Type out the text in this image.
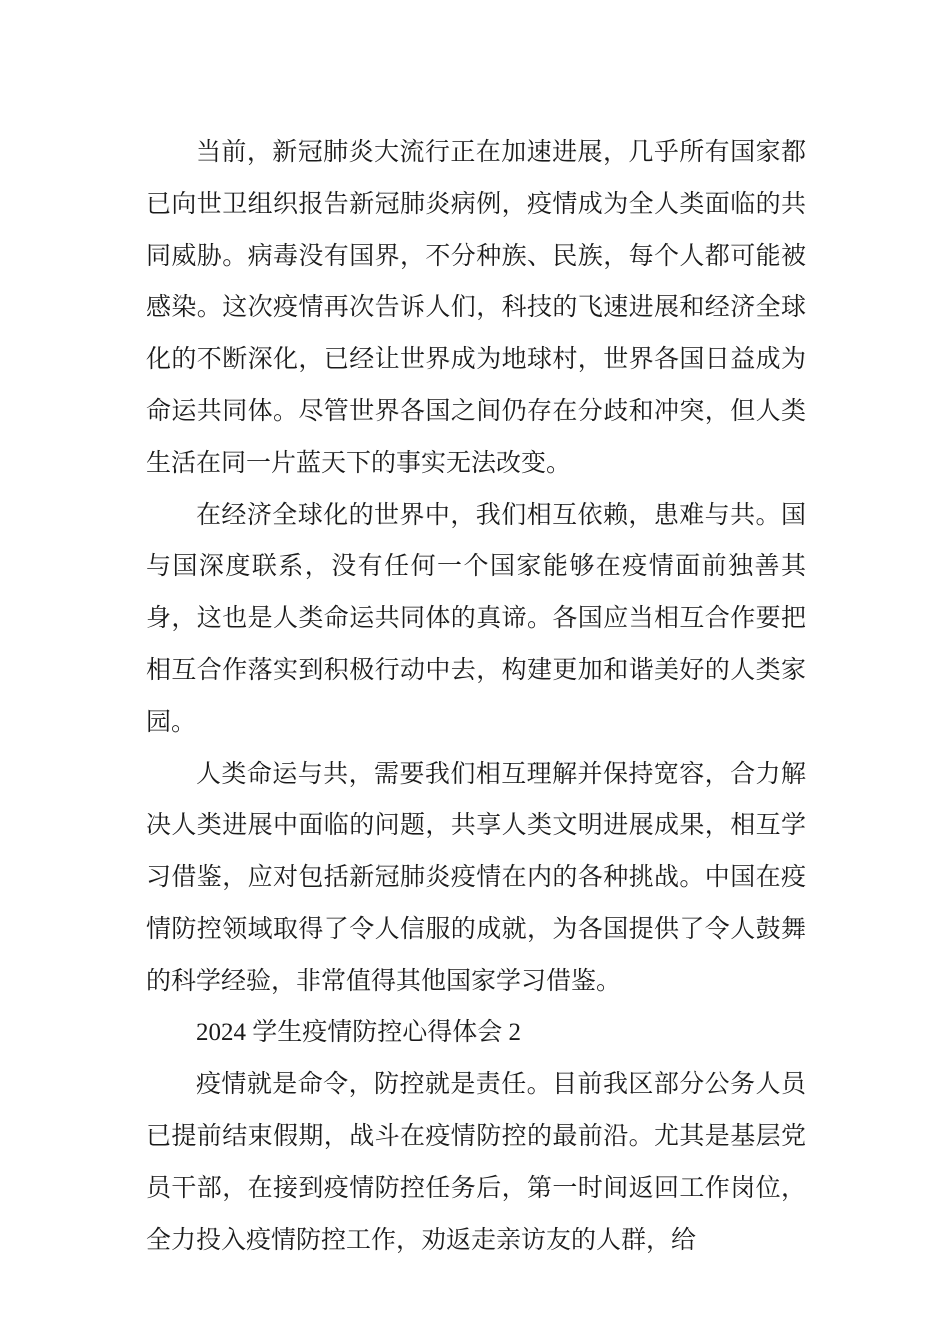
当前，新冠肺炎大流行正在加速进展，几乎所有国家都已向世卫组织报告新冠肺炎病例，疫情成为全人类面临的共同威胁。病毒没有国界，不分种族、民族，每个人都可能被感染。这次疫情再次告诉人们，科技的飞速进展和经济全球化的不断深化，已经让世界成为地球村，世界各国日益成为命运共同体。尽管世界各国之间仍存在分歧和冲突，但人类生活在同一片蓝天下的事实无法改变。

在经济全球化的世界中，我们相互依赖，患难与共。国与国深度联系，没有任何一个国家能够在疫情面前独善其身，这也是人类命运共同体的真谛。各国应当相互合作要把相互合作落实到积极行动中去，构建更加和谐美好的人类家园。

人类命运与共，需要我们相互理解并保持宽容，合力解决人类进展中面临的问题，共享人类文明进展成果，相互学习借鉴，应对包括新冠肺炎疫情在内的各种挑战。中国在疫情防控领域取得了令人信服的成就，为各国提供了令人鼓舞的科学经验，非常值得其他国家学习借鉴。

2024 学生疫情防控心得体会 2

疫情就是命令，防控就是责任。目前我区部分公务人员已提前结束假期，战斗在疫情防控的最前沿。尤其是基层党员干部，在接到疫情防控任务后，第一时间返回工作岗位，全力投入疫情防控工作，劝返走亲访友的人群，给
